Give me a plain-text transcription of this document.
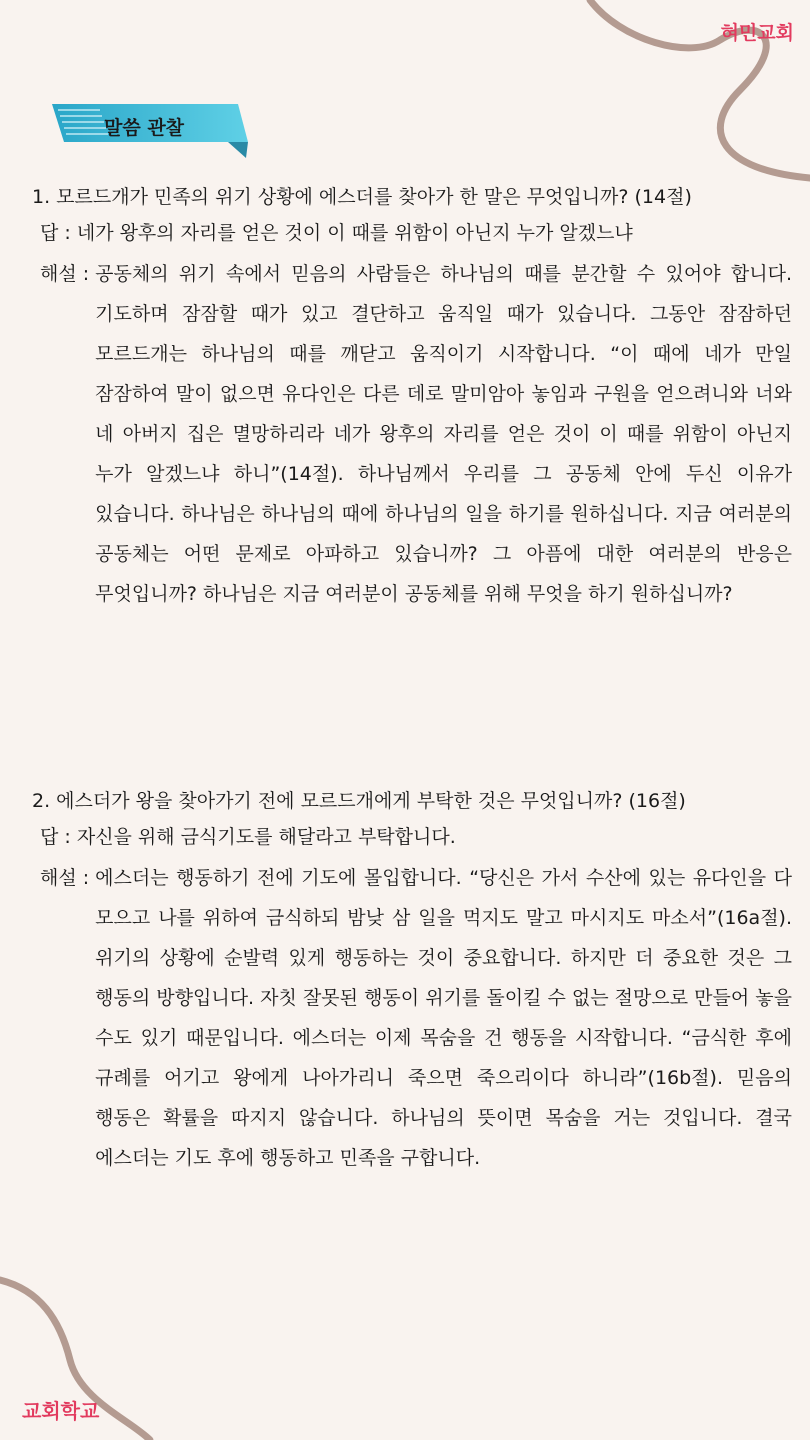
혀민교회
말씀 관찰

1. 모르드개가 민족의 위기 상황에 에스더를 찾아가 한 말은 무엇입니까? (14절)

답 : 네가 왕후의 자리를 얻은 것이 이 때를 위함이 아닌지 누가 알겠느냐

해설 : 공동체의 위기 속에서 믿음의 사람들은 하나님의 때를 분간할 수 있어야 합니다. 기도하며 잠잠할 때가 있고 결단하고 움직일 때가 있습니다. 그동안 잠잠하던 모르드개는 하나님의 때를 깨닫고 움직이기 시작합니다. “이 때에 네가 만일 잠잠하여 말이 없으면 유다인은 다른 데로 말미암아 놓임과 구원을 얻으려니와 너와 네 아버지 집은 멸망하리라 네가 왕후의 자리를 얻은 것이 이 때를 위함이 아닌지 누가 알겠느냐 하니”(14절). 하나님께서 우리를 그 공동체 안에 두신 이유가 있습니다. 하나님은 하나님의 때에 하나님의 일을 하기를 원하십니다. 지금 여러분의 공동체는 어떤 문제로 아파하고 있습니까? 그 아픔에 대한 여러분의 반응은 무엇입니까? 하나님은 지금 여러분이 공동체를 위해 무엇을 하기 원하십니까?

2. 에스더가 왕을 찾아가기 전에 모르드개에게 부탁한 것은 무엇입니까? (16절)

답 : 자신을 위해 금식기도를 해달라고 부탁합니다.

해설 : 에스더는 행동하기 전에 기도에 몰입합니다. “당신은 가서 수산에 있는 유다인을 다 모으고 나를 위하여 금식하되 밤낮 삼 일을 먹지도 말고 마시지도 마소서”(16a절). 위기의 상황에 순발력 있게 행동하는 것이 중요합니다. 하지만 더 중요한 것은 그 행동의 방향입니다. 자칫 잘못된 행동이 위기를 돌이킬 수 없는 절망으로 만들어 놓을 수도 있기 때문입니다. 에스더는 이제 목숨을 건 행동을 시작합니다. “금식한 후에 규례를 어기고 왕에게 나아가리니 죽으면 죽으리이다 하니라”(16b절). 믿음의 행동은 확률을 따지지 않습니다. 하나님의 뜻이면 목숨을 거는 것입니다. 결국 에스더는 기도 후에 행동하고 민족을 구합니다.
교회학교
